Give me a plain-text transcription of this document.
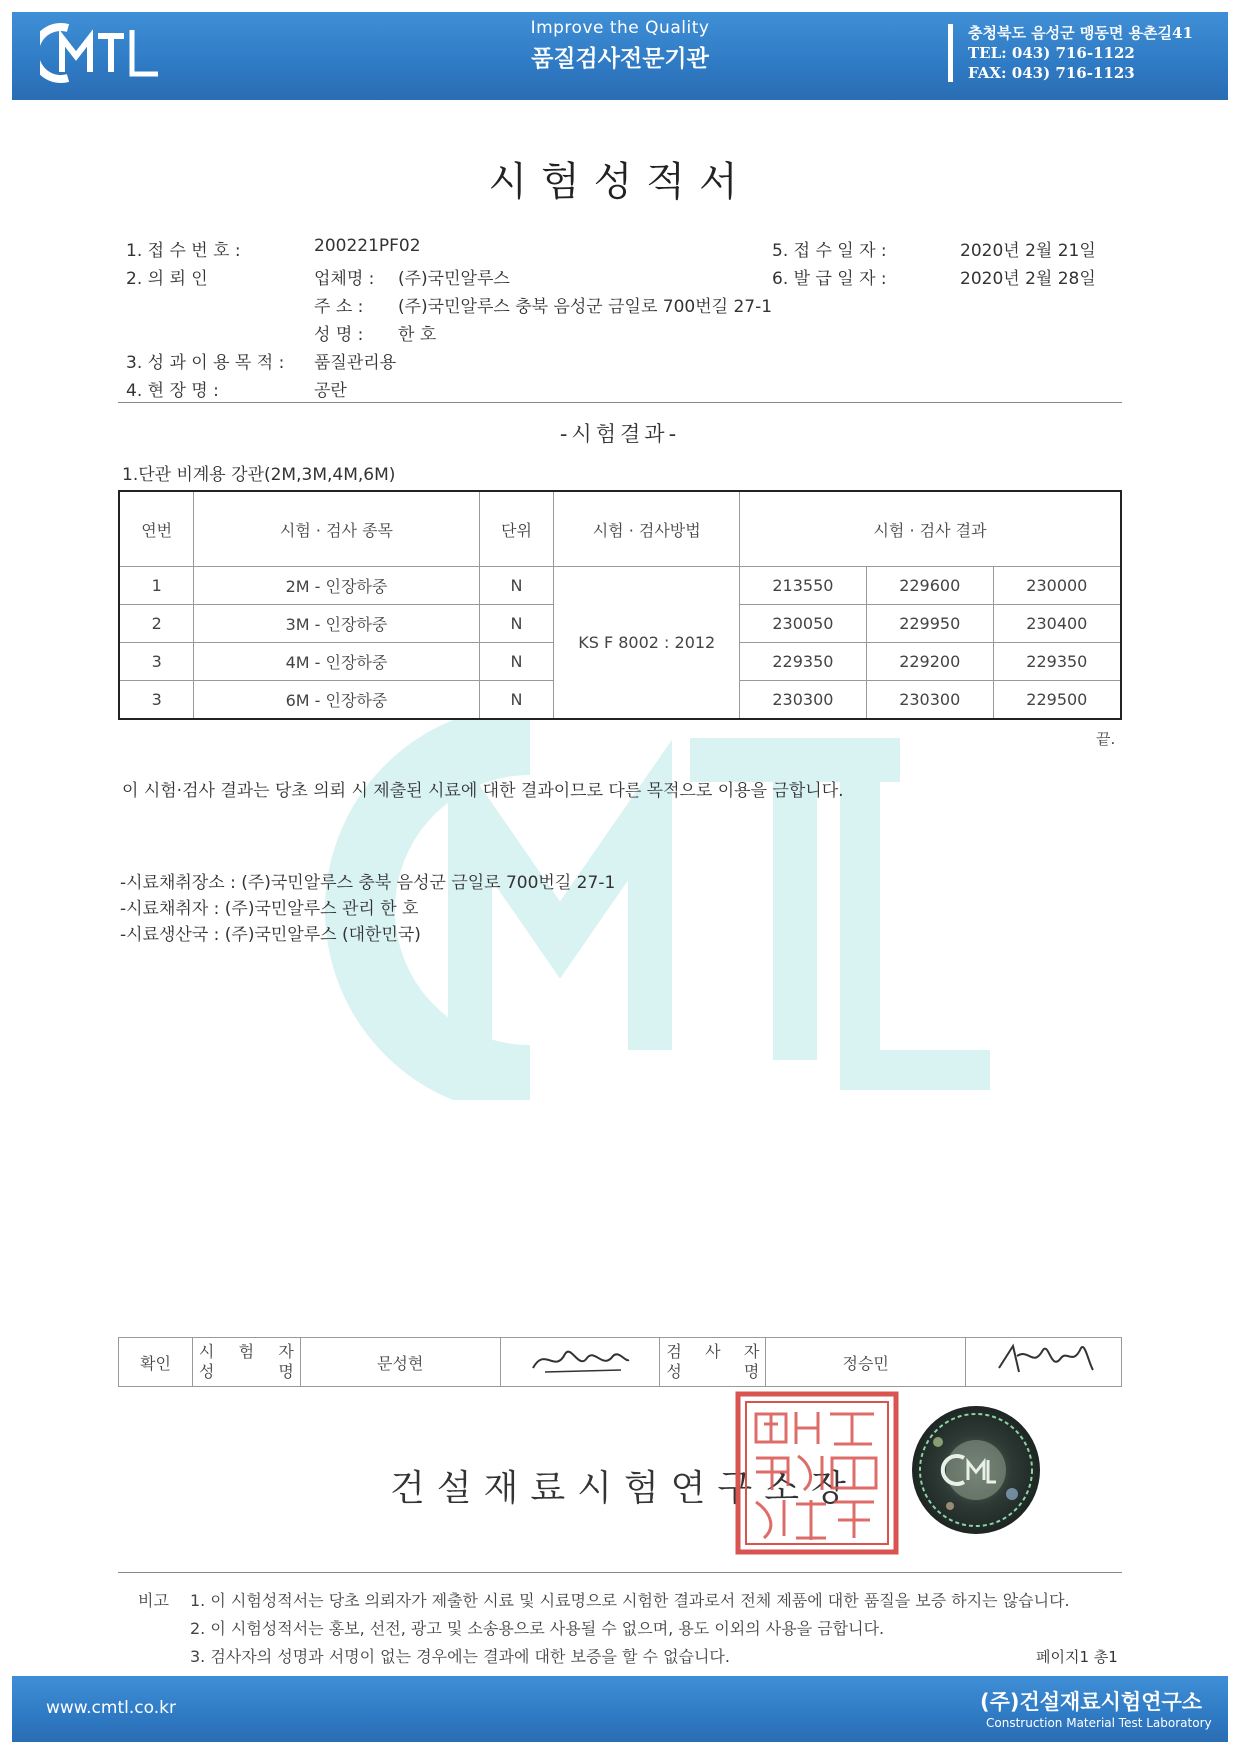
Improve the Quality
품질검사전문기관
충청북도 음성군 맹동면 용촌길41
TEL: 043) 716-1122
FAX: 043) 716-1123
시험성적서
1. 접 수 번 호 :	200221PF02
2. 의 뢰 인	업체명 : (주)국민알루스
주 소 : (주)국민알루스 충북 음성군 금일로 700번길 27-1
성 명 : 한 호
3. 성 과 이 용 목 적 : 품질관리용
4. 현 장 명 :	공란
5. 접 수 일 자 :	2020년 2월 21일
6. 발 급 일 자 :	2020년 2월 28일
-시험결과-
1.단관 비계용 강관(2M,3M,4M,6M)
연번	시험 · 검사 종목	단위	시험 · 검사방법	시험 · 검사 결과		
1	2M - 인장하중	N	KS F 8002 : 2012	213550	229600	230000
2	3M - 인장하중	N		230050	229950	230400
3	4M - 인장하중	N		229350	229200	229350
3	6M - 인장하중	N		230300	230300	229500
끝.
이 시험·검사 결과는 당초 의뢰 시 제출된 시료에 대한 결과이므로 다른 목적으로 이용을 금합니다.
-시료채취장소 : (주)국민알루스 충북 음성군 금일로 700번길 27-1
-시료채취자 : (주)국민알루스 관리 한 호
-시료생산국 : (주)국민알루스 (대한민국)
확인	
시 험 자
성	명	문성현		
검 사 자
성	명	정승민	
건설재료시험연구소장
비고 1. 이 시험성적서는 당초 의뢰자가 제출한 시료 및 시료명으로 시험한 결과로서 전체 제품에 대한 품질을 보증 하지는 않습니다.
2. 이 시험성적서는 홍보, 선전, 광고 및 소송용으로 사용될 수 없으며, 용도 이외의 사용을 금합니다.
3. 검사자의 성명과 서명이 없는 경우에는 결과에 대한 보증을 할 수 없습니다.	페이지1 총1
www.cmtl.co.kr	(주)건설재료시험연구소
Construction Material Test Laboratory
